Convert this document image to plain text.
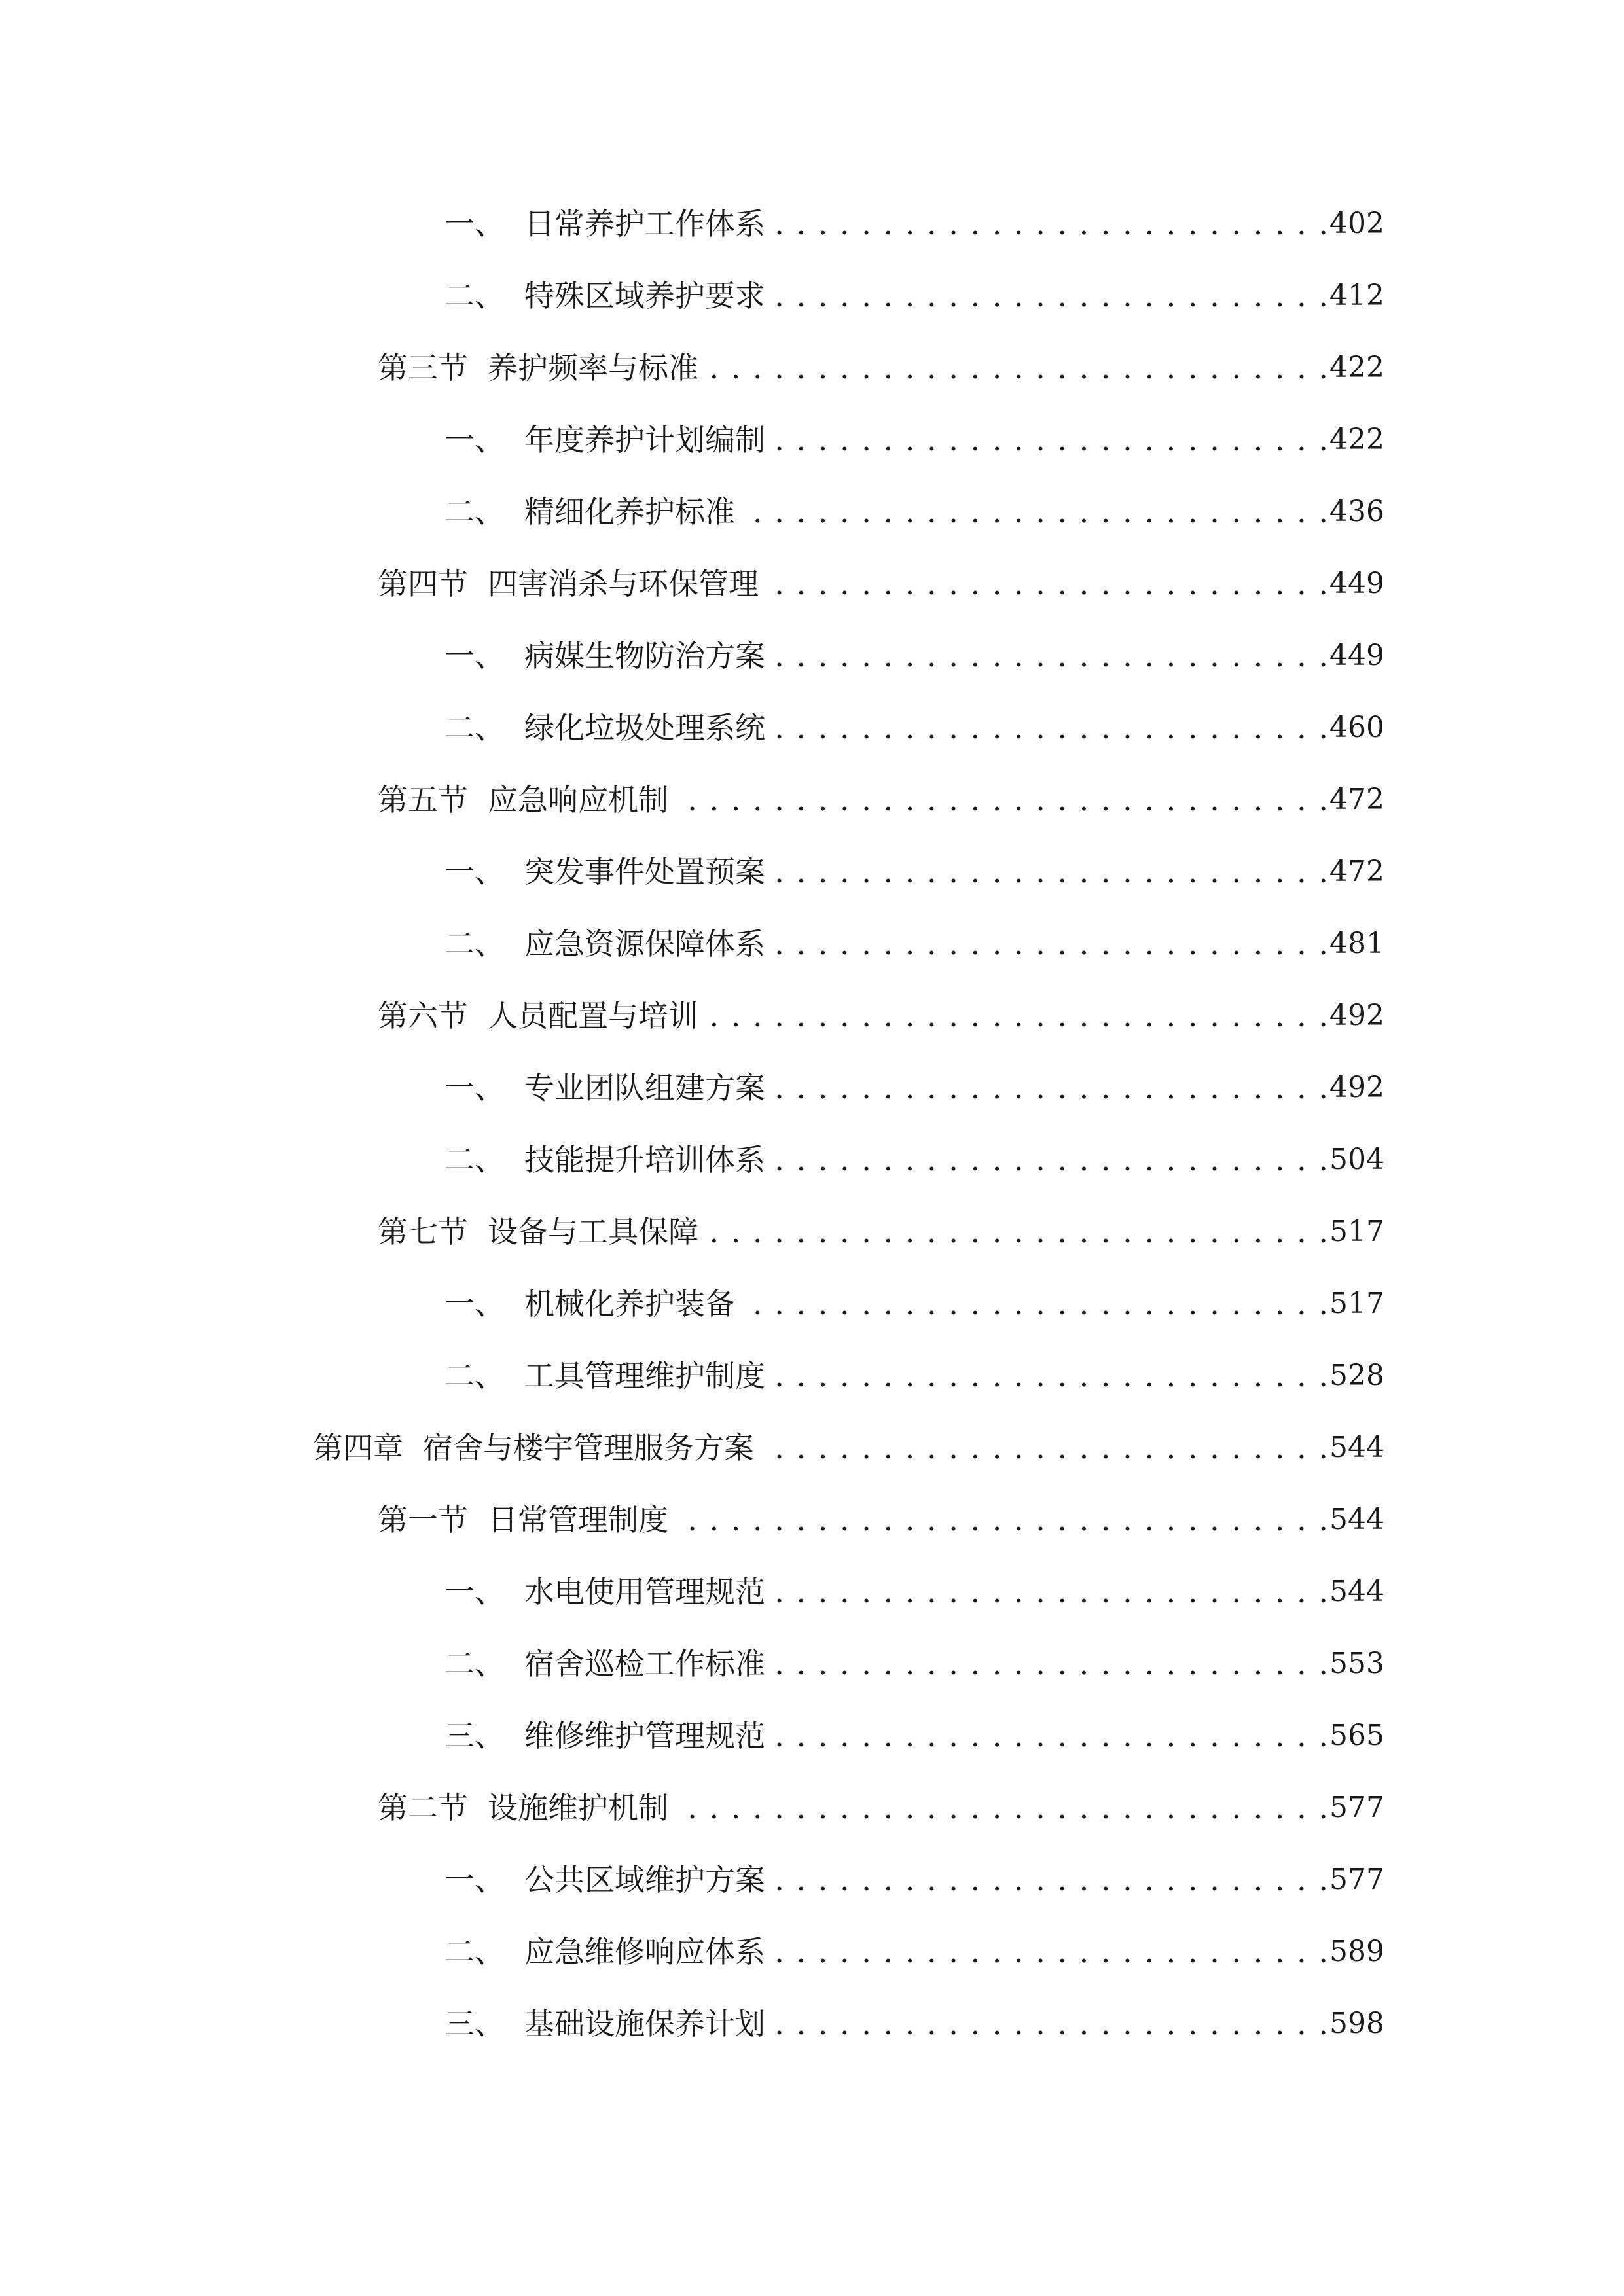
一、 日常养护工作体系 . . .	402
二、 特殊区域养护要求 . . .	412
第三节 养护频率与标准 . . .	422
一、 年度养护计划编制 . . .	422
二、 精细化养护标准 . . .	436
第四节 四害消杀与环保管理 . . .	449
一、 病媒生物防治方案 . . .	449
二、 绿化垃圾处理系统 . . .	460
第五节 应急响应机制 . . .	472
一、 突发事件处置预案 . . .	472
二、 应急资源保障体系 . . .	481
第六节 人员配置与培训 . . .	492
一、 专业团队组建方案 . . .	492
二、 技能提升培训体系 . . .	504
第七节 设备与工具保障 . . .	517
一、 机械化养护装备 . . .	517
二、 工具管理维护制度 . . .	528
第四章 宿舍与楼宇管理服务方案 . . .	544
第一节 日常管理制度 . . .	544
一、 水电使用管理规范 . . .	544
二、 宿舍巡检工作标准 . . .	553
三、 维修维护管理规范 . . .	565
第二节 设施维护机制 . . .	577
一、 公共区域维护方案 . . .	577
二、 应急维修响应体系 . . .	589
三、 基础设施保养计划 . . .	598
